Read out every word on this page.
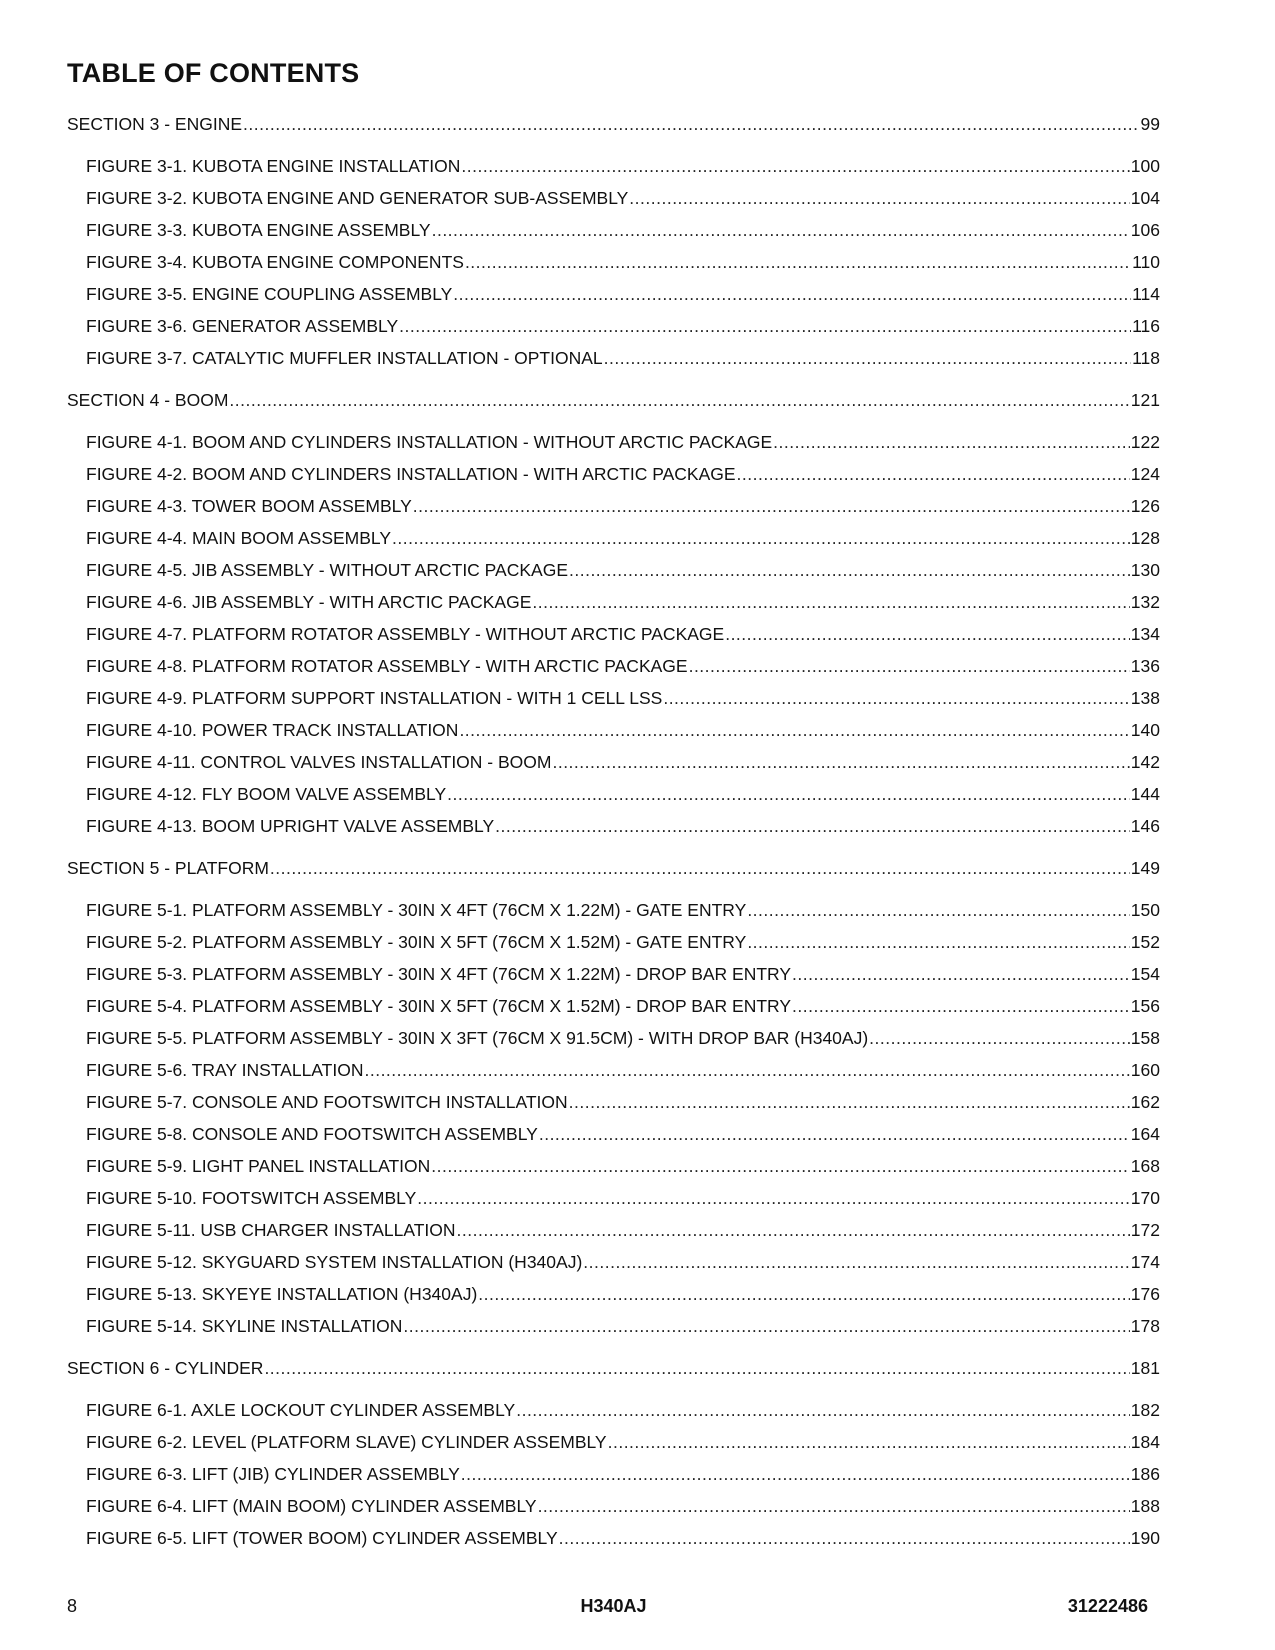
TABLE OF CONTENTS
SECTION 3 - ENGINE .....	99
FIGURE 3-1. KUBOTA ENGINE INSTALLATION .....	100
FIGURE 3-2. KUBOTA ENGINE AND GENERATOR SUB-ASSEMBLY .....	104
FIGURE 3-3. KUBOTA ENGINE ASSEMBLY .....	106
FIGURE 3-4. KUBOTA ENGINE COMPONENTS .....	110
FIGURE 3-5. ENGINE COUPLING ASSEMBLY .....	114
FIGURE 3-6. GENERATOR ASSEMBLY .....	116
FIGURE 3-7. CATALYTIC MUFFLER INSTALLATION - OPTIONAL .....	118
SECTION 4 - BOOM .....	121
FIGURE 4-1. BOOM AND CYLINDERS INSTALLATION - WITHOUT ARCTIC PACKAGE .....	122
FIGURE 4-2. BOOM AND CYLINDERS INSTALLATION - WITH ARCTIC PACKAGE .....	124
FIGURE 4-3. TOWER BOOM ASSEMBLY .....	126
FIGURE 4-4. MAIN BOOM ASSEMBLY .....	128
FIGURE 4-5. JIB ASSEMBLY - WITHOUT ARCTIC PACKAGE .....	130
FIGURE 4-6. JIB ASSEMBLY - WITH ARCTIC PACKAGE .....	132
FIGURE 4-7. PLATFORM ROTATOR ASSEMBLY - WITHOUT ARCTIC PACKAGE .....	134
FIGURE 4-8. PLATFORM ROTATOR ASSEMBLY - WITH ARCTIC PACKAGE .....	136
FIGURE 4-9. PLATFORM SUPPORT INSTALLATION - WITH 1 CELL LSS .....	138
FIGURE 4-10. POWER TRACK INSTALLATION .....	140
FIGURE 4-11. CONTROL VALVES INSTALLATION - BOOM .....	142
FIGURE 4-12. FLY BOOM VALVE ASSEMBLY .....	144
FIGURE 4-13. BOOM UPRIGHT VALVE ASSEMBLY .....	146
SECTION 5 - PLATFORM .....	149
FIGURE 5-1. PLATFORM ASSEMBLY - 30IN X 4FT (76CM X 1.22M) - GATE ENTRY .....	150
FIGURE 5-2. PLATFORM ASSEMBLY - 30IN X 5FT (76CM X 1.52M) - GATE ENTRY .....	152
FIGURE 5-3. PLATFORM ASSEMBLY - 30IN X 4FT (76CM X 1.22M) - DROP BAR ENTRY .....	154
FIGURE 5-4. PLATFORM ASSEMBLY - 30IN X 5FT (76CM X 1.52M) - DROP BAR ENTRY .....	156
FIGURE 5-5. PLATFORM ASSEMBLY - 30IN X 3FT (76CM X 91.5CM) - WITH DROP BAR (H340AJ) .....	158
FIGURE 5-6. TRAY INSTALLATION .....	160
FIGURE 5-7. CONSOLE AND FOOTSWITCH INSTALLATION .....	162
FIGURE 5-8. CONSOLE AND FOOTSWITCH ASSEMBLY .....	164
FIGURE 5-9. LIGHT PANEL INSTALLATION .....	168
FIGURE 5-10. FOOTSWITCH ASSEMBLY .....	170
FIGURE 5-11. USB CHARGER INSTALLATION .....	172
FIGURE 5-12. SKYGUARD SYSTEM INSTALLATION (H340AJ) .....	174
FIGURE 5-13. SKYEYE INSTALLATION (H340AJ) .....	176
FIGURE 5-14. SKYLINE INSTALLATION .....	178
SECTION 6 - CYLINDER .....	181
FIGURE 6-1. AXLE LOCKOUT CYLINDER ASSEMBLY .....	182
FIGURE 6-2. LEVEL (PLATFORM SLAVE) CYLINDER ASSEMBLY .....	184
FIGURE 6-3. LIFT (JIB) CYLINDER ASSEMBLY .....	186
FIGURE 6-4. LIFT (MAIN BOOM) CYLINDER ASSEMBLY .....	188
FIGURE 6-5. LIFT (TOWER BOOM) CYLINDER ASSEMBLY .....	190
8	H340AJ	31222486
